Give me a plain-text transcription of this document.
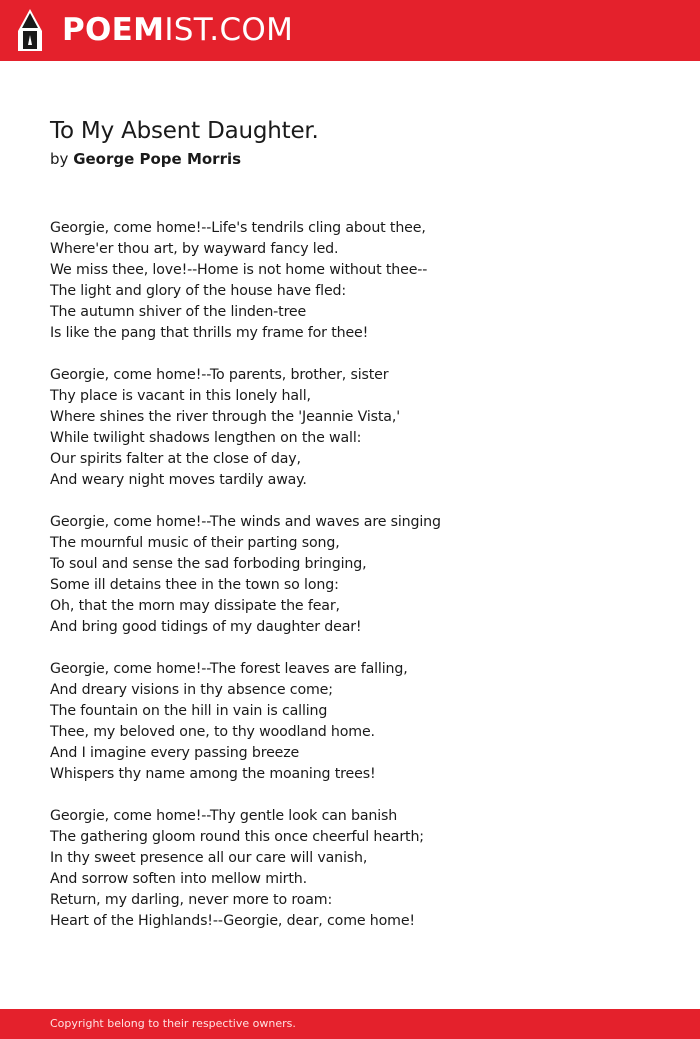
POEMIST.COM
To My Absent Daughter.
by George Pope Morris
Georgie, come home!--Life's tendrils cling about thee,
Where'er thou art, by wayward fancy led.
We miss thee, love!--Home is not home without thee--
The light and glory of the house have fled:
The autumn shiver of the linden-tree
Is like the pang that thrills my frame for thee!
Georgie, come home!--To parents, brother, sister
Thy place is vacant in this lonely hall,
Where shines the river through the 'Jeannie Vista,'
While twilight shadows lengthen on the wall:
Our spirits falter at the close of day,
And weary night moves tardily away.
Georgie, come home!--The winds and waves are singing
The mournful music of their parting song,
To soul and sense the sad forboding bringing,
Some ill detains thee in the town so long:
Oh, that the morn may dissipate the fear,
And bring good tidings of my daughter dear!
Georgie, come home!--The forest leaves are falling,
And dreary visions in thy absence come;
The fountain on the hill in vain is calling
Thee, my beloved one, to thy woodland home.
And I imagine every passing breeze
Whispers thy name among the moaning trees!
Georgie, come home!--Thy gentle look can banish
The gathering gloom round this once cheerful hearth;
In thy sweet presence all our care will vanish,
And sorrow soften into mellow mirth.
Return, my darling, never more to roam:
Heart of the Highlands!--Georgie, dear, come home!
Copyright belong to their respective owners.
